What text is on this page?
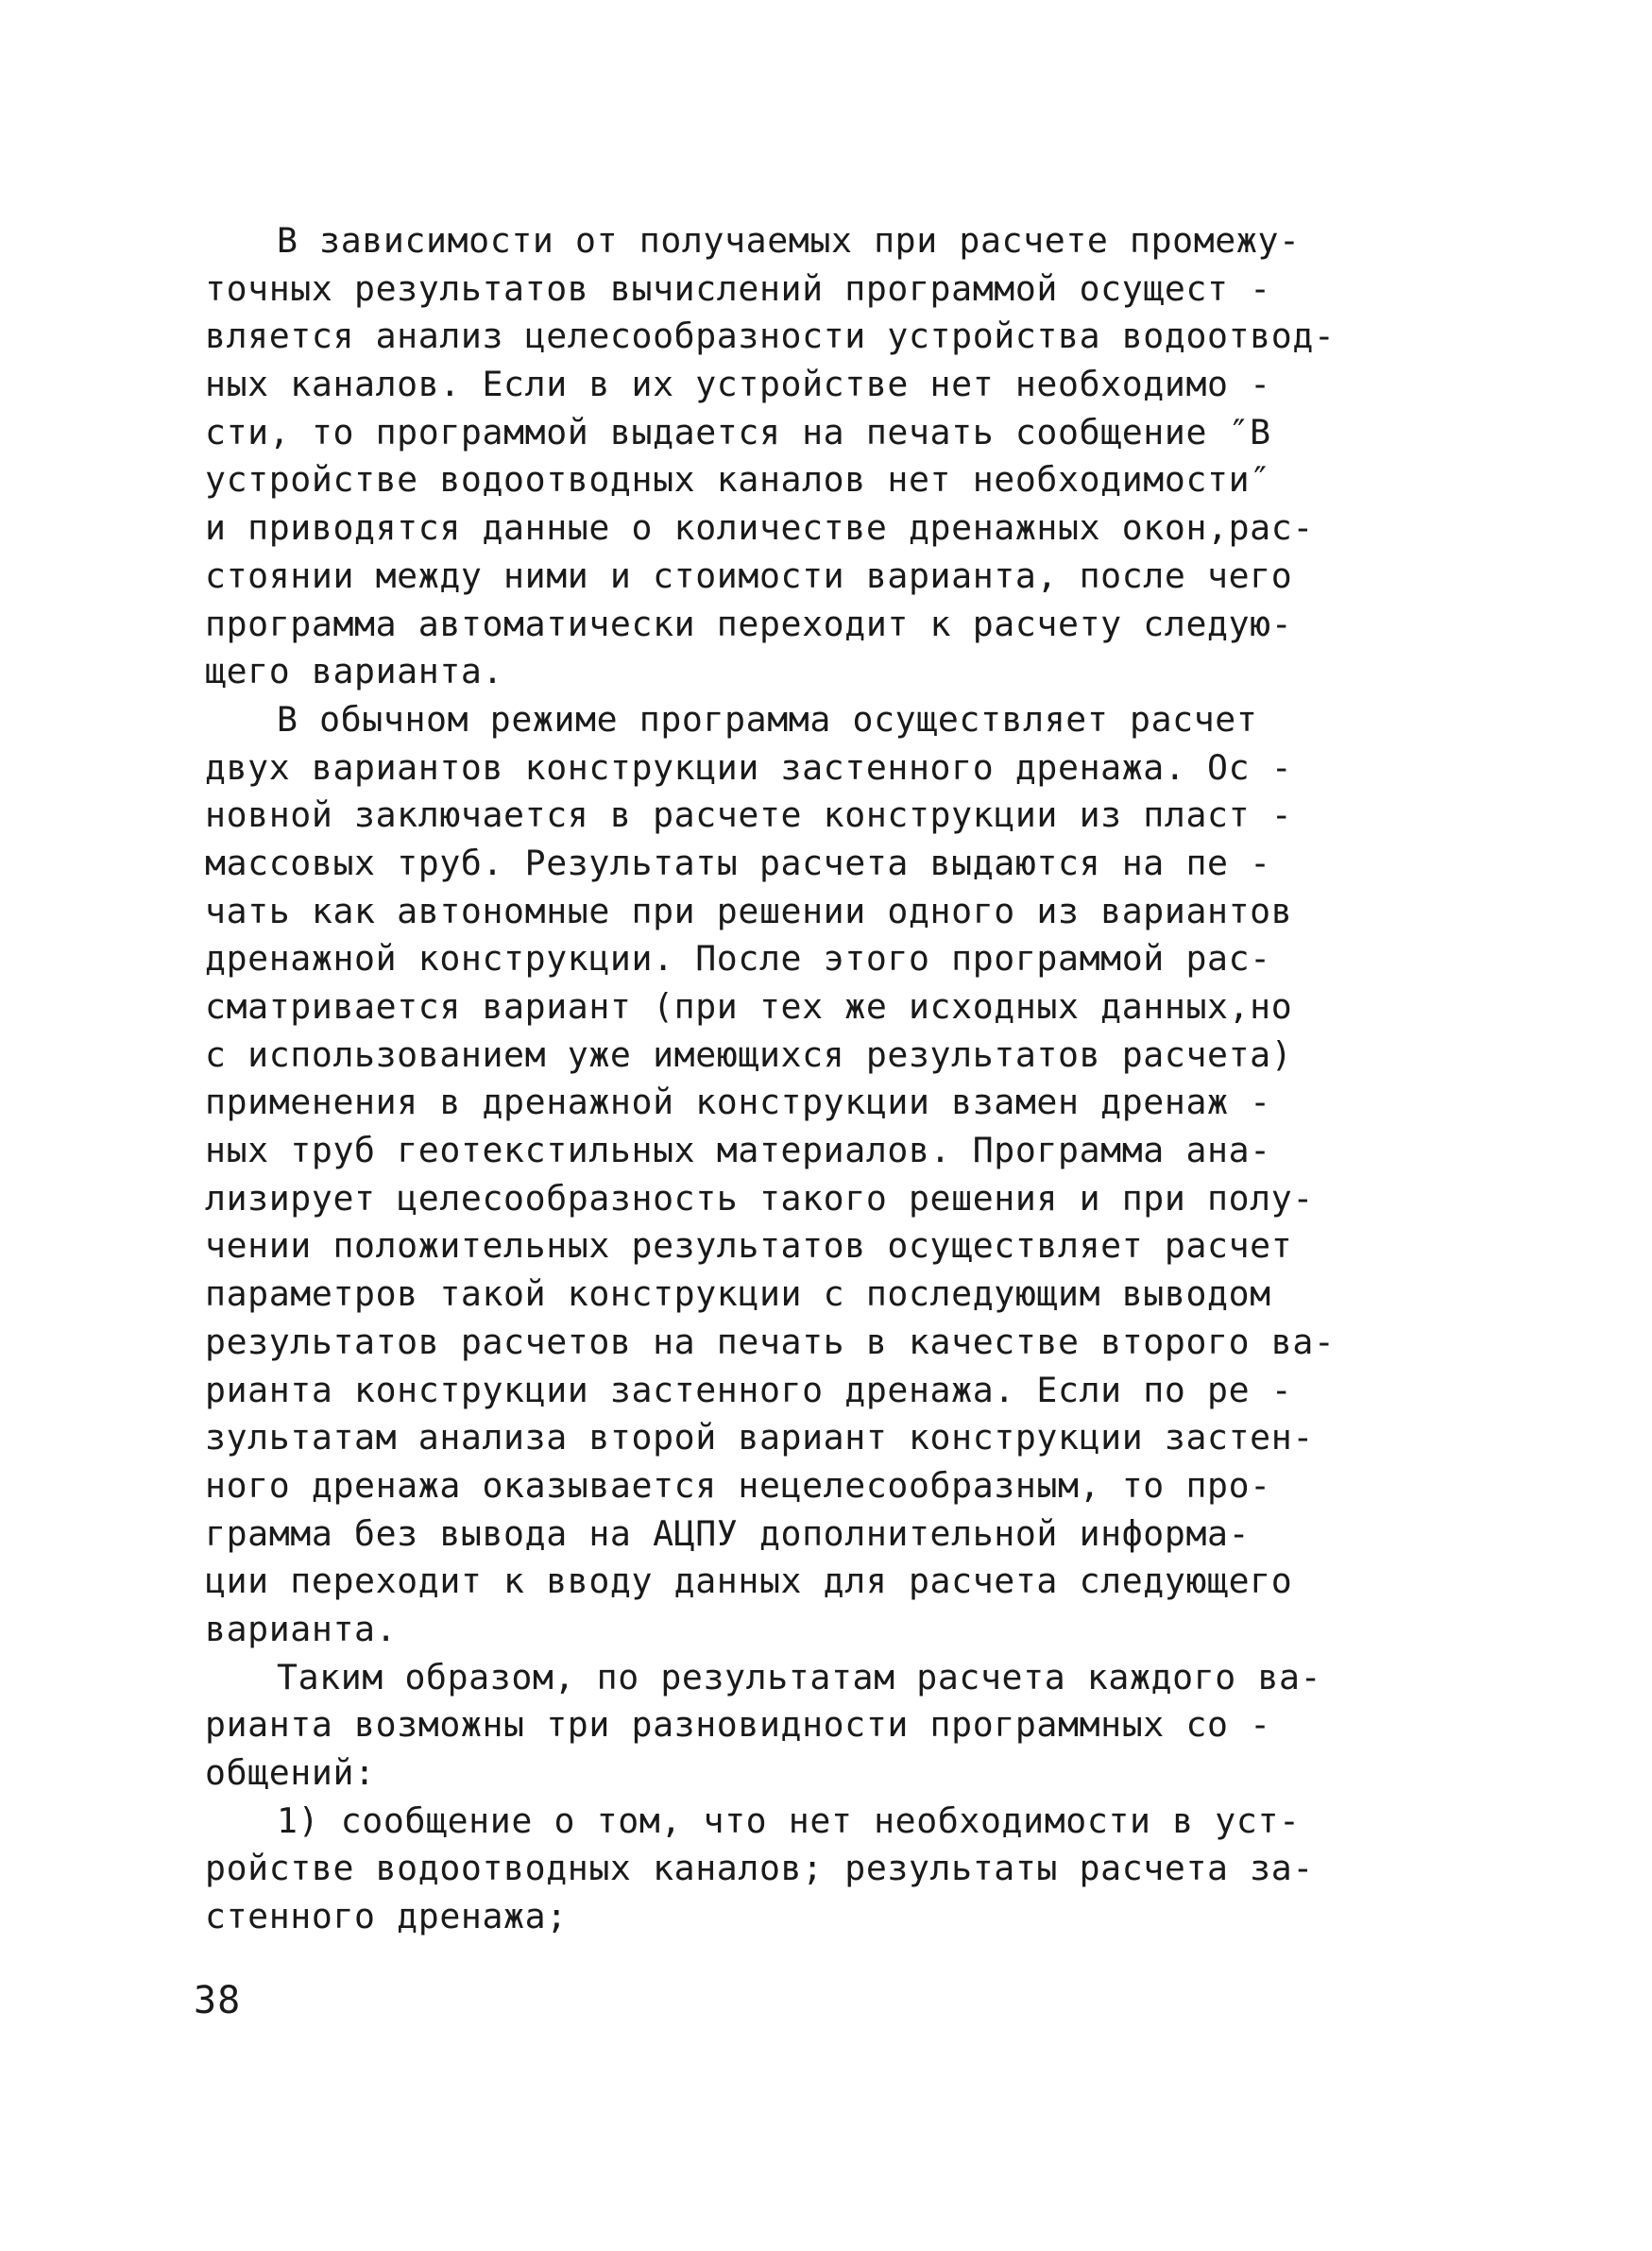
В зависимости от получаемых при расчете промежу-
точных результатов вычислений программой осущест -
вляется анализ целесообразности устройства водоотвод-
ных каналов. Если в их устройстве нет необходимо -
сти, то программой выдается на печать сообщение ″В
устройстве водоотводных каналов нет необходимости″
и приводятся данные о количестве дренажных окон,рас-
стоянии между ними и стоимости варианта, после чего
программа автоматически переходит к расчету следую-
щего варианта.
В обычном режиме программа осуществляет расчет
двух вариантов конструкции застенного дренажа. Ос -
новной заключается в расчете конструкции из пласт -
массовых труб. Результаты расчета выдаются на пе -
чать как автономные при решении одного из вариантов
дренажной конструкции. После этого программой рас-
сматривается вариант (при тех же исходных данных,но
с использованием уже имеющихся результатов расчета)
применения в дренажной конструкции взамен дренаж -
ных труб геотекстильных материалов. Программа ана-
лизирует целесообразность такого решения и при полу-
чении положительных результатов осуществляет расчет
параметров такой конструкции с последующим выводом
результатов расчетов на печать в качестве второго ва-
рианта конструкции застенного дренажа. Если по ре -
зультатам анализа второй вариант конструкции застен-
ного дренажа оказывается нецелесообразным, то про-
грамма без вывода на АЦПУ дополнительной информа-
ции переходит к вводу данных для расчета следующего
варианта.
Таким образом, по результатам расчета каждого ва-
рианта возможны три разновидности программных со -
общений:
1) сообщение о том, что нет необходимости в уст-
ройстве водоотводных каналов; результаты расчета за-
стенного дренажа;
38
